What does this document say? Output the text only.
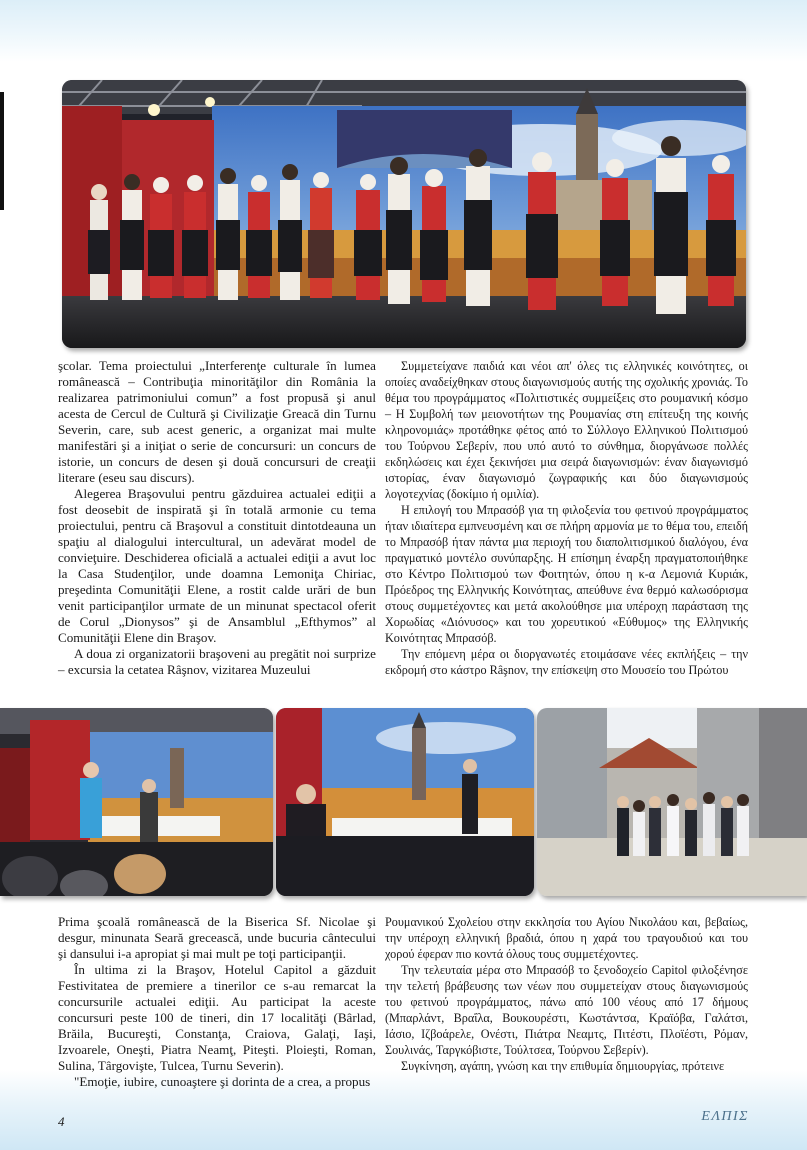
şcolar. Tema proiectului „Interferenţe culturale în lumea românească – Contribuţia minorităţilor din România la realizarea patrimoniului comun” a fost propusă şi anul acesta de Cercul de Cultură şi Civilizaţie Greacă din Turnu Severin, care, sub acest generic, a organizat mai multe manifestări şi a iniţiat o serie de concursuri: un concurs de istorie, un concurs de desen şi două concursuri de creaţii literare (eseu sau discurs).

Alegerea Braşovului pentru găzduirea actualei ediţii a fost deosebit de inspirată şi în totală armonie cu tema proiectului, pentru că Braşovul a constituit dintotdeauna un spaţiu al dialogului intercultural, un adevărat model de convieţuire. Deschiderea oficială a actualei ediţii a avut loc la Casa Studenţilor, unde doamna Lemoniţa Chiriac, preşedinta Comunităţii Elene, a rostit calde urări de bun venit participanţilor urmate de un minunat spectacol oferit de Corul „Dionysos” şi de Ansamblul „Efthymos” al Comunităţii Elene din Braşov.

A doua zi organizatorii braşoveni au pregătit noi surprize – excursia la cetatea Râşnov, vizitarea Muzeului

Συμμετείχανε παιδιά και νέοι απ' όλες τις ελληνικές κοινότητες, οι οποίες αναδείχθηκαν στους διαγωνισμούς αυτής της σχολικής χρονιάς. Το θέμα του προγράμματος «Πολιτιστικές συμμείξεις στο ρουμανική κόσμο – Η Συμβολή των μειονοτήτων της Ρουμανίας στη επίτευξη της κοινής κληρονομιάς» προτάθηκε φέτος από το Σύλλογο Ελληνικού Πολιτισμού του Τούρνου Σεβερίν, που υπό αυτό το σύνθημα, διοργάνωσε πολλές εκδηλώσεις και έχει ξεκινήσει μια σειρά διαγωνισμών: έναν διαγωνισμό ιστορίας, έναν διαγωνισμό ζωγραφικής και δύο διαγωνισμούς λογοτεχνίας (δοκίμιο ή ομιλία).

Η επιλογή του Μπρασόβ για τη φιλοξενία του φετινού προγράμματος ήταν ιδιαίτερα εμπνευσμένη και σε πλήρη αρμονία με το θέμα του, επειδή το Μπρασόβ ήταν πάντα μια περιοχή του διαπολιτισμικού διαλόγου, ένα πραγματικό μοντέλο συνύπαρξης. Η επίσημη έναρξη πραγματοποιήθηκε στο Κέντρο Πολιτισμού των Φοιτητών, όπου η κ-α Λεμονιά Κυριάκ, Πρόεδρος της Ελληνικής Κοινότητας, απεύθυνε ένα θερμό καλωσόρισμα στους συμμετέχοντες και μετά ακολούθησε μια υπέροχη παράσταση της Χορωδίας «Διόνυσος» και του χορευτικού «Εύθυμος» της Ελληνικής Κοινότητας Μπρασόβ.

Την επόμενη μέρα οι διοργανωτές ετοιμάσανε νέες εκπλήξεις – την εκδρομή στο κάστρο Râşnov, την επίσκεψη στο Μουσείο του Πρώτου

Prima şcoală românească de la Biserica Sf. Nicolae şi desgur, minunata Seară grecească, unde bucuria cântecului şi dansului i-a apropiat şi mai mult pe toţi participanţii.

În ultima zi la Braşov, Hotelul Capitol a găzduit Festivitatea de premiere a tinerilor ce s-au remarcat la concursurile actualei ediţii. Au participat la aceste concursuri peste 100 de tineri, din 17 localităţi (Bârlad, Brăila, Bucureşti, Constanţa, Craiova, Galaţi, Iaşi, Izvoarele, Oneşti, Piatra Neamţ, Piteşti. Ploieşti, Roman, Sulina, Târgovişte, Tulcea, Turnu Severin).

"Emoţie, iubire, cunoaştere şi dorinta de a crea, a propus

Ρουμανικού Σχολείου στην εκκλησία του Αγίου Νικολάου και, βεβαίως, την υπέροχη ελληνική βραδιά, όπου η χαρά του τραγουδιού και του χορού έφεραν πιο κοντά όλους τους συμμετέχοντες.

Την τελευταία μέρα στο Μπρασόβ το ξενοδοχείο Capitol φιλοξένησε την τελετή βράβευσης των νέων που συμμετείχαν στους διαγωνισμούς του φετινού προγράμματος, πάνω από 100 νέους από 17 δήμους (Μπαρλάντ, Βραΐλα, Βουκουρέστι, Κωστάντσα, Κραϊόβα, Γαλάτσι, Ιάσιο, Ιζβοάρελε, Ονέστι, Πιάτρα Νεαμτς, Πιτέστι, Πλοϊέστι, Ρόμαν, Σουλινάς, Ταργκόβιστε, Τούλτσεα, Τούρνου Σεβερίν).

Συγκίνηση, αγάπη, γνώση και την επιθυμία δημιουργίας, πρότεινε

4	ΕΛΠΙΣ
